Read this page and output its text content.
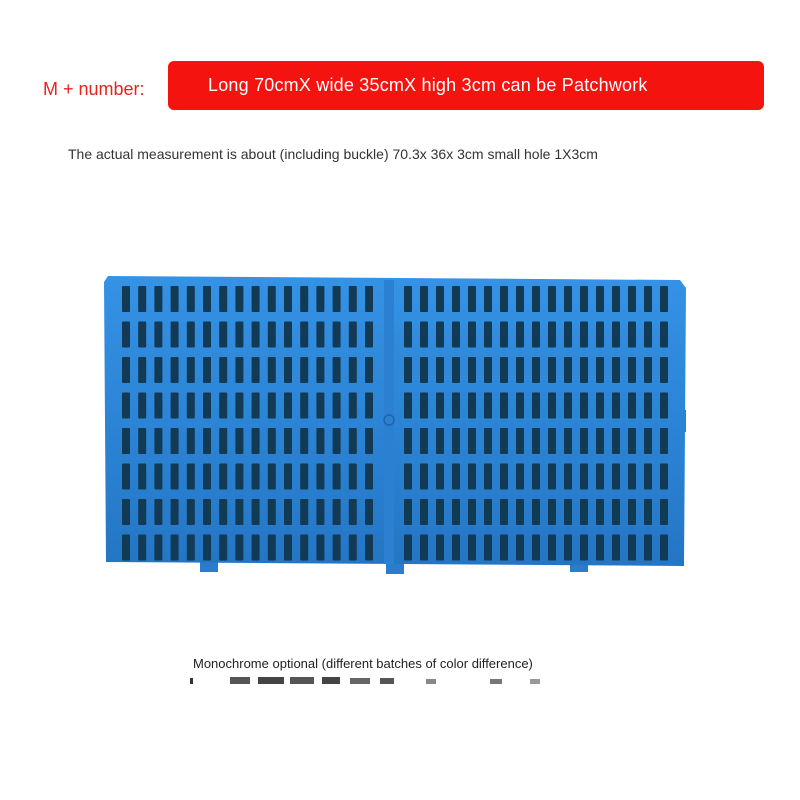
M + number:	Long 70cmX wide 35cmX high 3cm can be Patchwork
The actual measurement is about (including buckle) 70.3x 36x 3cm small hole 1X3cm
Monochrome optional (different batches of color difference)
